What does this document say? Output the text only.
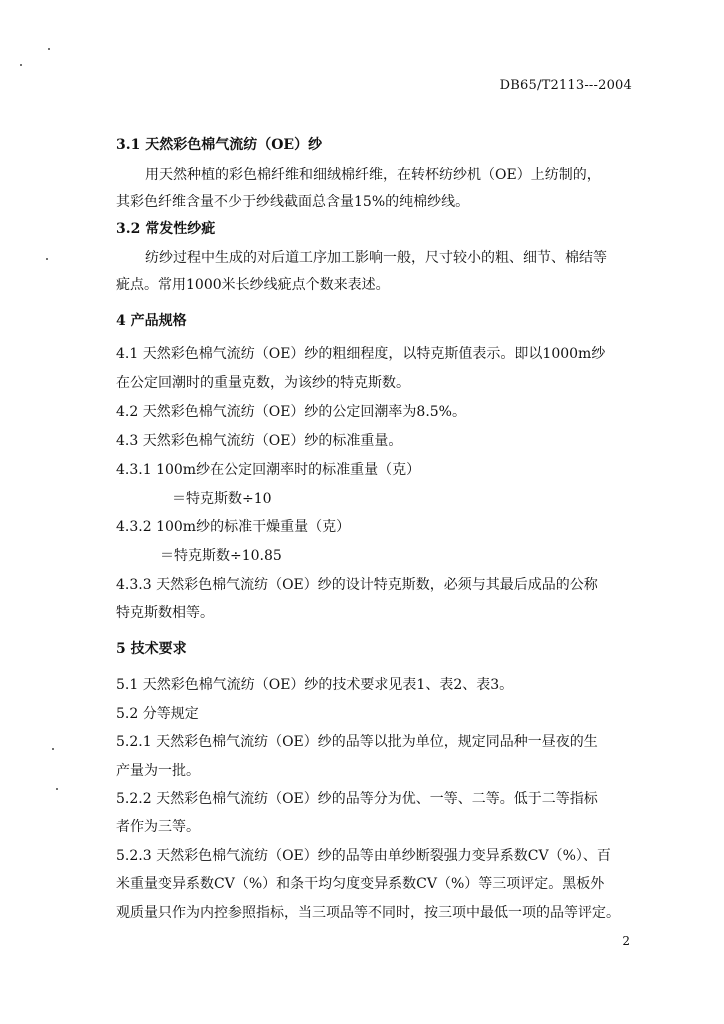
DB65/T2113---2004
3.1 天然彩色棉气流纺（OE）纱
用天然种植的彩色棉纤维和细绒棉纤维，在转杯纺纱机（OE）上纺制的，
其彩色纤维含量不少于纱线截面总含量15%的纯棉纱线。
3.2 常发性纱疵
纺纱过程中生成的对后道工序加工影响一般，尺寸较小的粗、细节、棉结等
疵点。常用1000米长纱线疵点个数来表述。
4 产品规格
4.1 天然彩色棉气流纺（OE）纱的粗细程度，以特克斯值表示。即以1000m纱
在公定回潮时的重量克数，为该纱的特克斯数。
4.2 天然彩色棉气流纺（OE）纱的公定回潮率为8.5%。
4.3 天然彩色棉气流纺（OE）纱的标准重量。
4.3.1 100m纱在公定回潮率时的标准重量（克）
＝特克斯数÷10
4.3.2 100m纱的标准干燥重量（克）
＝特克斯数÷10.85
4.3.3 天然彩色棉气流纺（OE）纱的设计特克斯数，必须与其最后成品的公称
特克斯数相等。
5 技术要求
5.1 天然彩色棉气流纺（OE）纱的技术要求见表1、表2、表3。
5.2 分等规定
5.2.1 天然彩色棉气流纺（OE）纱的品等以批为单位，规定同品种一昼夜的生
产量为一批。
5.2.2 天然彩色棉气流纺（OE）纱的品等分为优、一等、二等。低于二等指标
者作为三等。
5.2.3 天然彩色棉气流纺（OE）纱的品等由单纱断裂强力变异系数CV（%）、百
米重量变异系数CV（%）和条干均匀度变异系数CV（%）等三项评定。黑板外
观质量只作为内控参照指标，当三项品等不同时，按三项中最低一项的品等评定。
2
